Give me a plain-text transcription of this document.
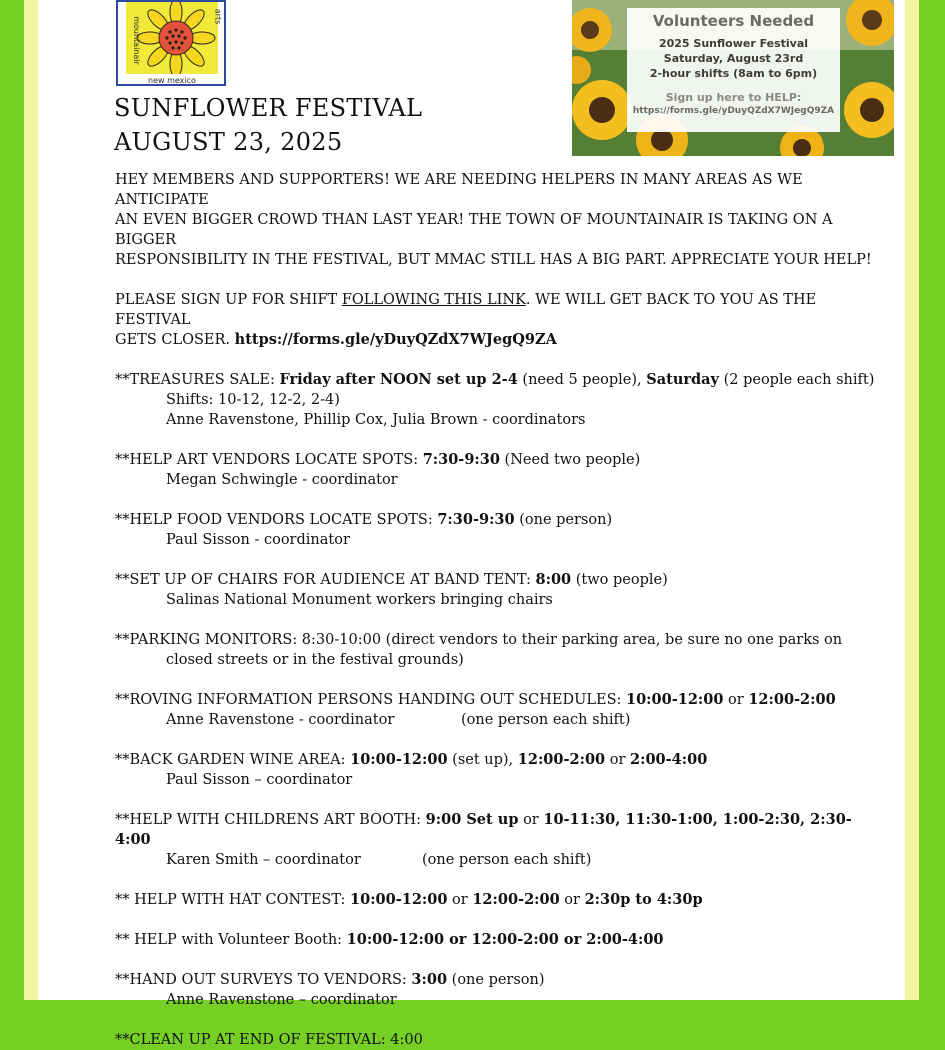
mountainair	arts
new mexico
Volunteers Needed
2025 Sunflower Festival
Saturday, August 23rd
2-hour shifts (8am to 6pm)
Sign up here to HELP:
https://forms.gle/yDuyQZdX7WJegQ9ZA
SUNFLOWER FESTIVAL
AUGUST 23, 2025

HEY MEMBERS AND SUPPORTERS! WE ARE NEEDING HELPERS IN MANY AREAS AS WE ANTICIPATE

AN EVEN BIGGER CROWD THAN LAST YEAR! THE TOWN OF MOUNTAINAIR IS TAKING ON A BIGGER

RESPONSIBILITY IN THE FESTIVAL, BUT MMAC STILL HAS A BIG PART. APPRECIATE YOUR HELP!

PLEASE SIGN UP FOR SHIFT FOLLOWING THIS LINK. WE WILL GET BACK TO YOU AS THE FESTIVAL

GETS CLOSER. https://forms.gle/yDuyQZdX7WJegQ9ZA

**TREASURES SALE: Friday after NOON set up 2-4 (need 5 people), Saturday (2 people each shift)

Shifts: 10-12, 12-2, 2-4)

Anne Ravenstone, Phillip Cox, Julia Brown - coordinators

**HELP ART VENDORS LOCATE SPOTS: 7:30-9:30 (Need two people)

Megan Schwingle - coordinator

**HELP FOOD VENDORS LOCATE SPOTS: 7:30-9:30 (one person)

Paul Sisson - coordinator

**SET UP OF CHAIRS FOR AUDIENCE AT BAND TENT: 8:00 (two people)

Salinas National Monument workers bringing chairs

**PARKING MONITORS: 8:30-10:00 (direct vendors to their parking area, be sure no one parks on

closed streets or in the festival grounds)

**ROVING INFORMATION PERSONS HANDING OUT SCHEDULES: 10:00-12:00 or 12:00-2:00

Anne Ravenstone - coordinator	(one person each shift)

**BACK GARDEN WINE AREA: 10:00-12:00 (set up), 12:00-2:00 or 2:00-4:00

Paul Sisson – coordinator

**HELP WITH CHILDRENS ART BOOTH: 9:00 Set up or 10-11:30, 11:30-1:00, 1:00-2:30, 2:30-4:00

Karen Smith – coordinator	(one person each shift)

** HELP WITH HAT CONTEST: 10:00-12:00 or 12:00-2:00 or 2:30p to 4:30p

** HELP with Volunteer Booth: 10:00-12:00 or 12:00-2:00 or 2:00-4:00

**HAND OUT SURVEYS TO VENDORS: 3:00 (one person)

Anne Ravenstone – coordinator

**CLEAN UP AT END OF FESTIVAL: 4:00
